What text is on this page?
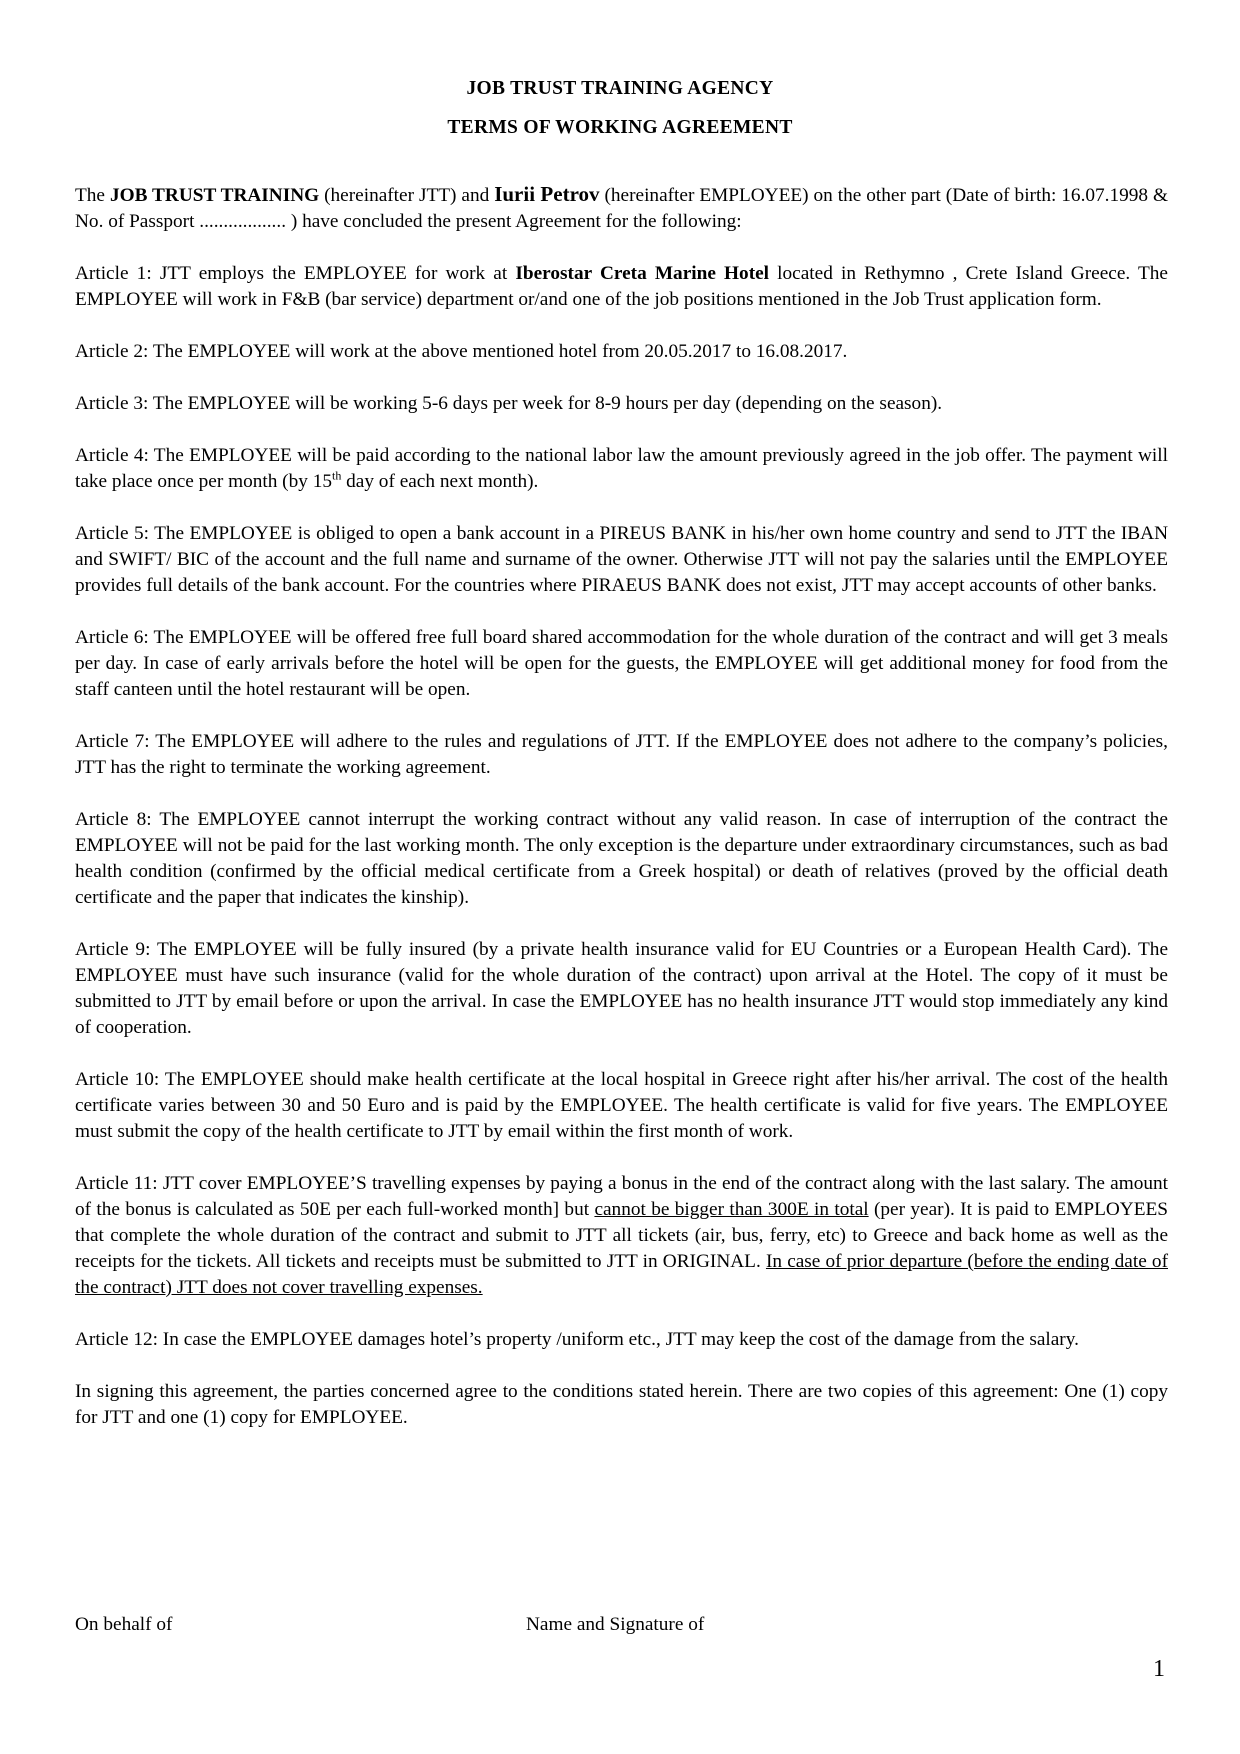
JOB TRUST TRAINING AGENCY
TERMS OF WORKING AGREEMENT

The JOB TRUST TRAINING (hereinafter JTT) and Iurii Petrov (hereinafter EMPLOYEE) on the other part (Date of birth: 16.07.1998 & No. of Passport .................. ) have concluded the present Agreement for the following:

Article 1: JTT employs the EMPLOYEE for work at Iberostar Creta Marine Hotel located in Rethymno , Crete Island Greece. The EMPLOYEE will work in F&B (bar service) department or/and one of the job positions mentioned in the Job Trust application form.

Article 2: The EMPLOYEE will work at the above mentioned hotel from 20.05.2017 to 16.08.2017.

Article 3: The EMPLOYEE will be working 5-6 days per week for 8-9 hours per day (depending on the season).

Article 4: The EMPLOYEE will be paid according to the national labor law the amount previously agreed in the job offer. The payment will take place once per month (by 15th day of each next month).

Article 5: The EMPLOYEE is obliged to open a bank account in a PIREUS BANK in his/her own home country and send to JTT the IBAN and SWIFT/ BIC of the account and the full name and surname of the owner. Otherwise JTT will not pay the salaries until the EMPLOYEE provides full details of the bank account. For the countries where PIRAEUS BANK does not exist, JTT may accept accounts of other banks.

Article 6: The EMPLOYEE will be offered free full board shared accommodation for the whole duration of the contract and will get 3 meals per day. In case of early arrivals before the hotel will be open for the guests, the EMPLOYEE will get additional money for food from the staff canteen until the hotel restaurant will be open.

Article 7: The EMPLOYEE will adhere to the rules and regulations of JTT. If the EMPLOYEE does not adhere to the company’s policies, JTT has the right to terminate the working agreement.

Article 8: The EMPLOYEE cannot interrupt the working contract without any valid reason. In case of interruption of the contract the EMPLOYEE will not be paid for the last working month. The only exception is the departure under extraordinary circumstances, such as bad health condition (confirmed by the official medical certificate from a Greek hospital) or death of relatives (proved by the official death certificate and the paper that indicates the kinship).

Article 9: The EMPLOYEE will be fully insured (by a private health insurance valid for EU Countries or a European Health Card). The EMPLOYEE must have such insurance (valid for the whole duration of the contract) upon arrival at the Hotel. The copy of it must be submitted to JTT by email before or upon the arrival. In case the EMPLOYEE has no health insurance JTT would stop immediately any kind of cooperation.

Article 10: The EMPLOYEE should make health certificate at the local hospital in Greece right after his/her arrival. The cost of the health certificate varies between 30 and 50 Euro and is paid by the EMPLOYEE. The health certificate is valid for five years. The EMPLOYEE must submit the copy of the health certificate to JTT by email within the first month of work.

Article 11: JTT cover EMPLOYEE’S travelling expenses by paying a bonus in the end of the contract along with the last salary. The amount of the bonus is calculated as 50E per each full-worked month] but cannot be bigger than 300E in total (per year). It is paid to EMPLOYEES that complete the whole duration of the contract and submit to JTT all tickets (air, bus, ferry, etc) to Greece and back home as well as the receipts for the tickets. All tickets and receipts must be submitted to JTT in ORIGINAL. In case of prior departure (before the ending date of the contract) JTT does not cover travelling expenses.

Article 12: In case the EMPLOYEE damages hotel’s property /uniform etc., JTT may keep the cost of the damage from the salary.

In signing this agreement, the parties concerned agree to the conditions stated herein. There are two copies of this agreement: One (1) copy for JTT and one (1) copy for EMPLOYEE.

On behalf of	Name and Signature of
1
